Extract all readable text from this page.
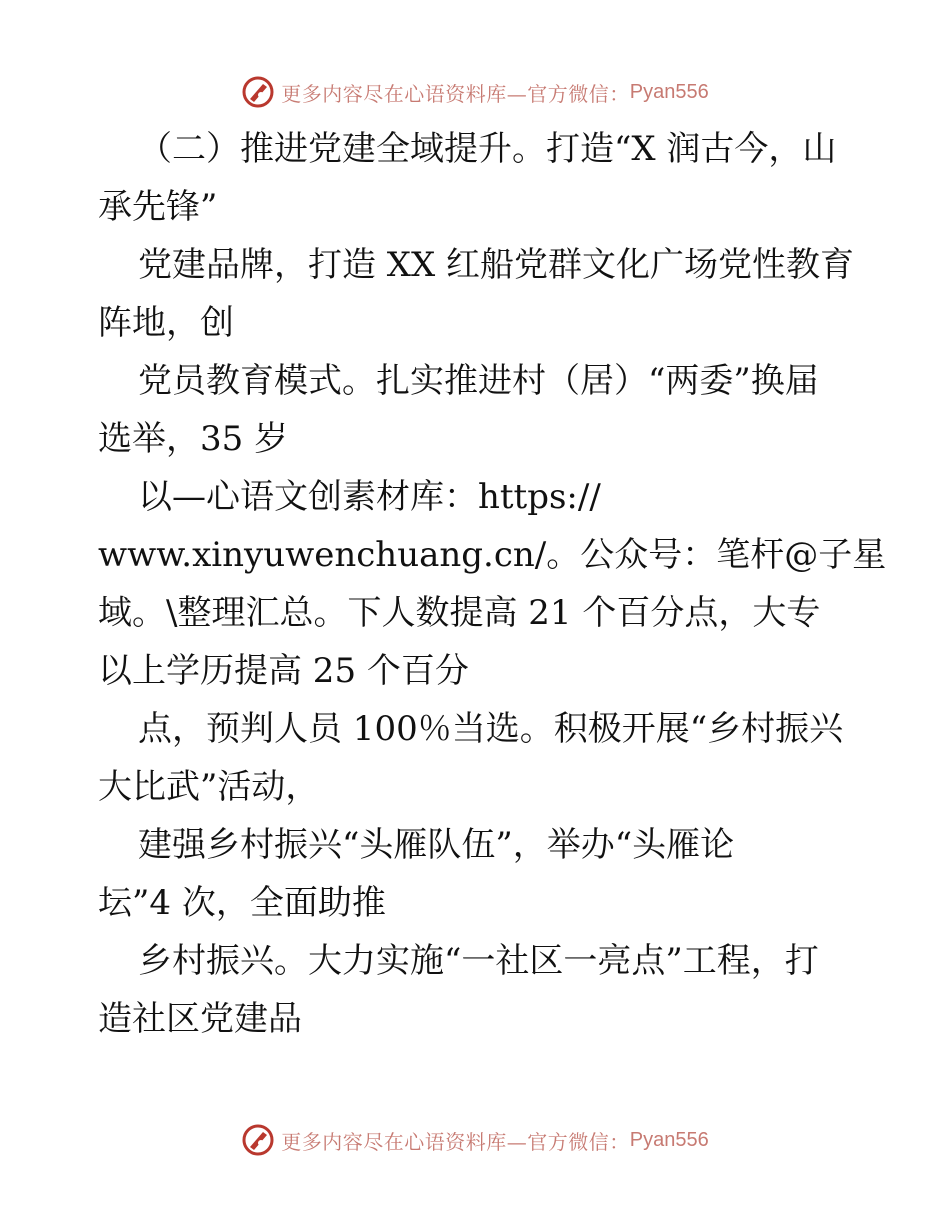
更多内容尽在心语资料库—官方微信： Pyan556
（二）推进党建全域提升。打造“X 润古今，山
承先锋”
党建品牌，打造 XX 红船党群文化广场党性教育
阵地，创
党员教育模式。扎实推进村（居）“两委”换届
选举，35 岁
以—心语文创素材库：https://
www.xinyuwenchuang.cn/。公众号：笔杆@子星
域。\整理汇总。下人数提高 21 个百分点，大专
以上学历提高 25 个百分
点，预判人员 100％当选。积极开展“乡村振兴
大比武”活动，
建强乡村振兴“头雁队伍”，举办“头雁论
坛”4 次，全面助推
乡村振兴。大力实施“一社区一亮点”工程，打
造社区党建品
更多内容尽在心语资料库—官方微信： Pyan556
